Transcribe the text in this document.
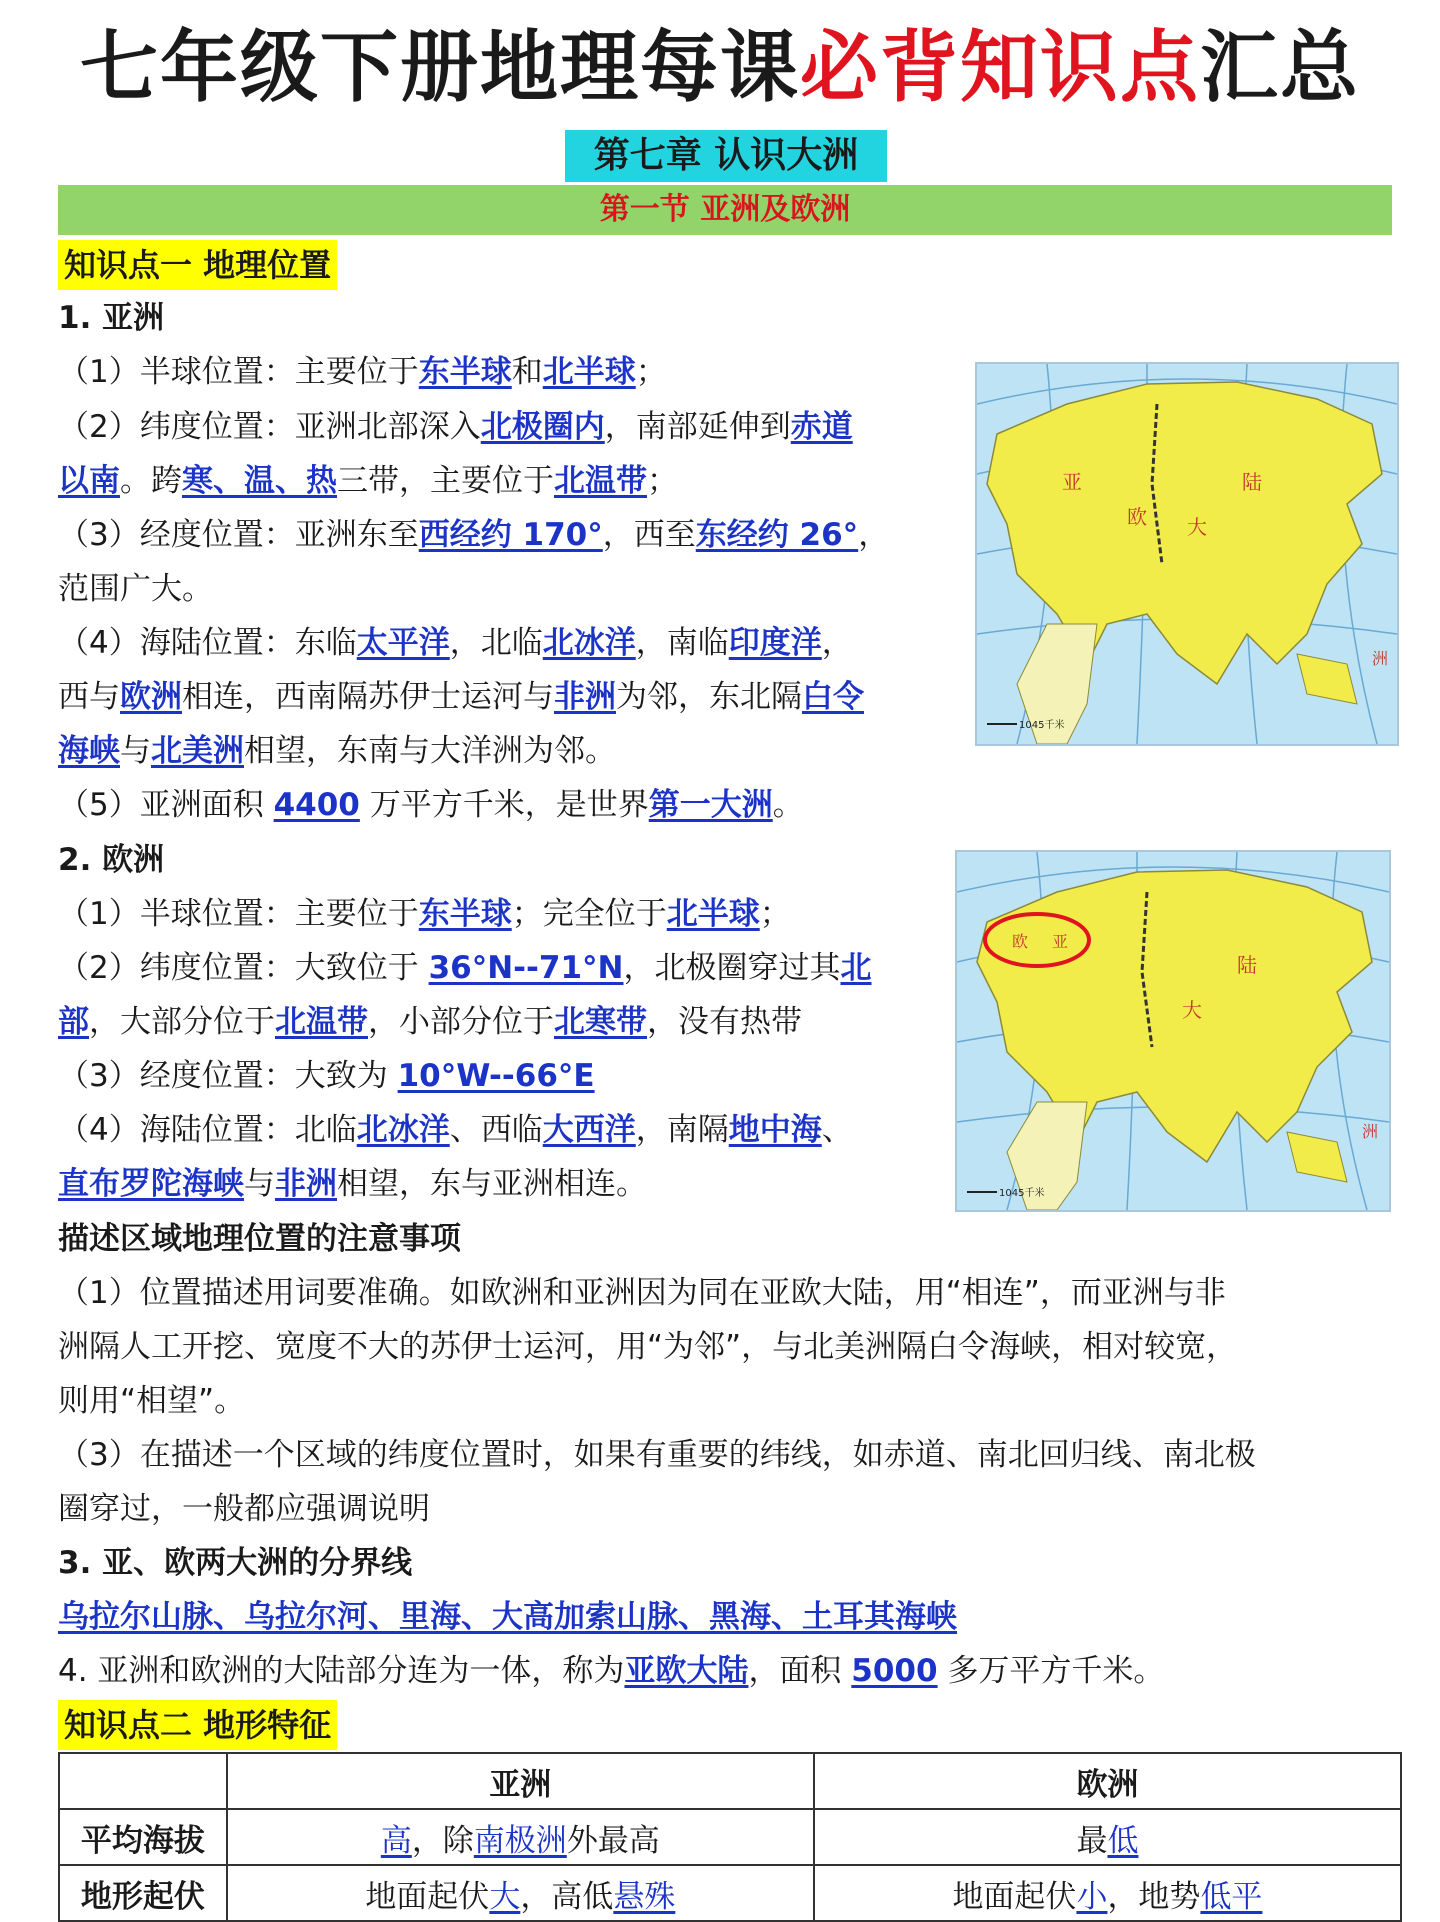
七年级下册地理每课必背知识点汇总
第七章 认识大洲
第一节 亚洲及欧洲
知识点一 地理位置
1. 亚洲
（1）半球位置：主要位于东半球和北半球；
（2）纬度位置：亚洲北部深入北极圈内，南部延伸到赤道
以南。跨寒、温、热三带，主要位于北温带；
（3）经度位置：亚洲东至西经约 170°，西至东经约 26°，
范围广大。
（4）海陆位置：东临太平洋，北临北冰洋，南临印度洋，
西与欧洲相连，西南隔苏伊士运河与非洲为邻，东北隔白令
海峡与北美洲相望，东南与大洋洲为邻。
（5）亚洲面积 4400 万平方千米，是世界第一大洲。
亚
欧 大
陆
洲
1045千米
2. 欧洲
（1）半球位置：主要位于东半球；完全位于北半球；
（2）纬度位置：大致位于 36°N--71°N，北极圈穿过其北
部，大部分位于北温带，小部分位于北寒带，没有热带
（3）经度位置：大致为 10°W--66°E
（4）海陆位置：北临北冰洋、西临大西洋，南隔地中海、
直布罗陀海峡与非洲相望，东与亚洲相连。
欧 亚
大
陆
洲
1045千米
描述区域地理位置的注意事项
（1）位置描述用词要准确。如欧洲和亚洲因为同在亚欧大陆，用“相连”，而亚洲与非
洲隔人工开挖、宽度不大的苏伊士运河，用“为邻”，与北美洲隔白令海峡，相对较宽，
则用“相望”。
（3）在描述一个区域的纬度位置时，如果有重要的纬线，如赤道、南北回归线、南北极
圈穿过，一般都应强调说明
3. 亚、欧两大洲的分界线
乌拉尔山脉、乌拉尔河、里海、大高加索山脉、黑海、土耳其海峡
4. 亚洲和欧洲的大陆部分连为一体，称为亚欧大陆，面积 5000 多万平方千米。
知识点二 地形特征
	亚洲	欧洲
平均海拔	高，除南极洲外最高	最低
地形起伏	地面起伏大，高低悬殊	地面起伏小，地势低平
